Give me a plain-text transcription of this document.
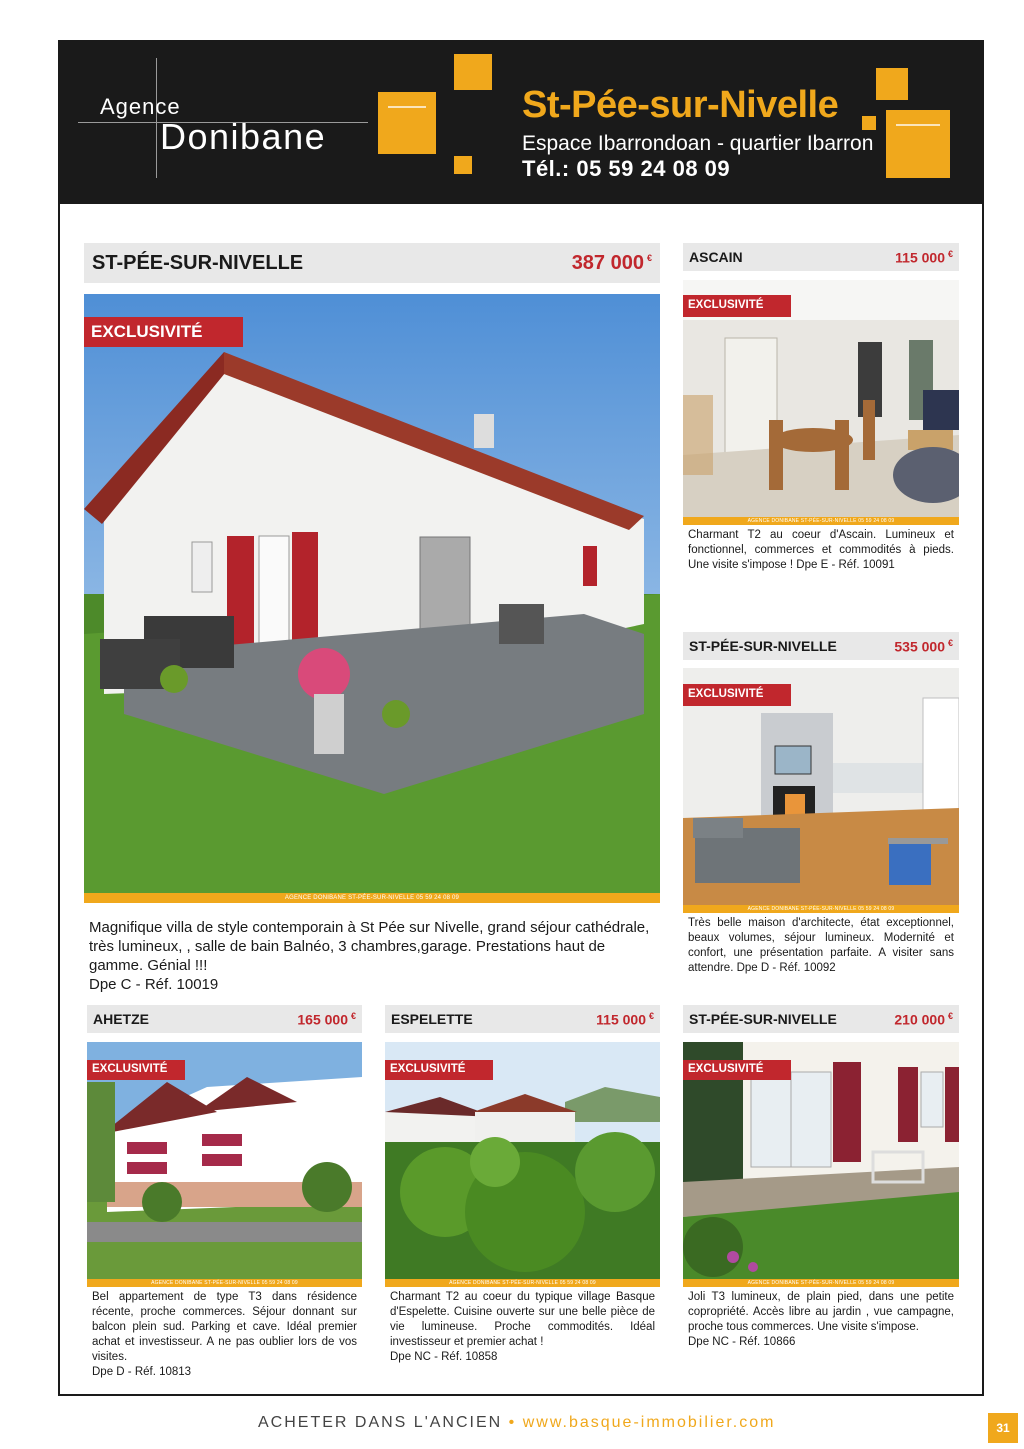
Agence
Donibane
St-Pée-sur-Nivelle
Espace Ibarrondoan - quartier Ibarron
Tél.: 05 59 24 08 09
ST-PÉE-SUR-NIVELLE	387 000 €
EXCLUSIVITÉ
AGENCE DONIBANE ST-PÉE-SUR-NIVELLE 05 59 24 08 09
Magnifique villa de style contemporain à St Pée sur Nivelle, grand séjour cathédrale, très lumineux, , salle de bain Balnéo, 3 chambres,garage. Prestations haut de gamme. Génial !!!
Dpe C - Réf. 10019
ASCAIN	115 000 €
EXCLUSIVITÉ
AGENCE DONIBANE ST-PÉE-SUR-NIVELLE 05 59 24 08 09
Charmant T2 au coeur d'Ascain. Lumineux et fonctionnel, commerces et commodités à pieds. Une visite s'impose ! Dpe E - Réf. 10091
ST-PÉE-SUR-NIVELLE	535 000 €
EXCLUSIVITÉ
AGENCE DONIBANE ST-PÉE-SUR-NIVELLE 05 59 24 08 09
Très belle maison d'architecte, état exceptionnel, beaux volumes, séjour lumineux. Modernité et confort, une présentation parfaite. A visiter sans attendre. Dpe D - Réf. 10092
AHETZE	165 000 €
EXCLUSIVITÉ
AGENCE DONIBANE ST-PÉE-SUR-NIVELLE 05 59 24 08 09
Bel appartement de type T3 dans résidence récente, proche commerces. Séjour donnant sur balcon plein sud. Parking et cave. Idéal premier achat et investisseur. A ne pas oublier lors de vos visites.
Dpe D - Réf. 10813
ESPELETTE	115 000 €
EXCLUSIVITÉ
AGENCE DONIBANE ST-PÉE-SUR-NIVELLE 05 59 24 08 09
Charmant T2 au coeur du typique village Basque d'Espelette. Cuisine ouverte sur une belle pièce de vie lumineuse. Proche commodités. Idéal investisseur et premier achat !
Dpe NC - Réf. 10858
ST-PÉE-SUR-NIVELLE	210 000 €
EXCLUSIVITÉ
AGENCE DONIBANE ST-PÉE-SUR-NIVELLE 05 59 24 08 09
Joli T3 lumineux, de plain pied, dans une petite copropriété. Accès libre au jardin , vue campagne, proche tous commerces. Une visite s'impose.
Dpe NC - Réf. 10866
ACHETER DANS L'ANCIEN • www.basque-immobilier.com	31
